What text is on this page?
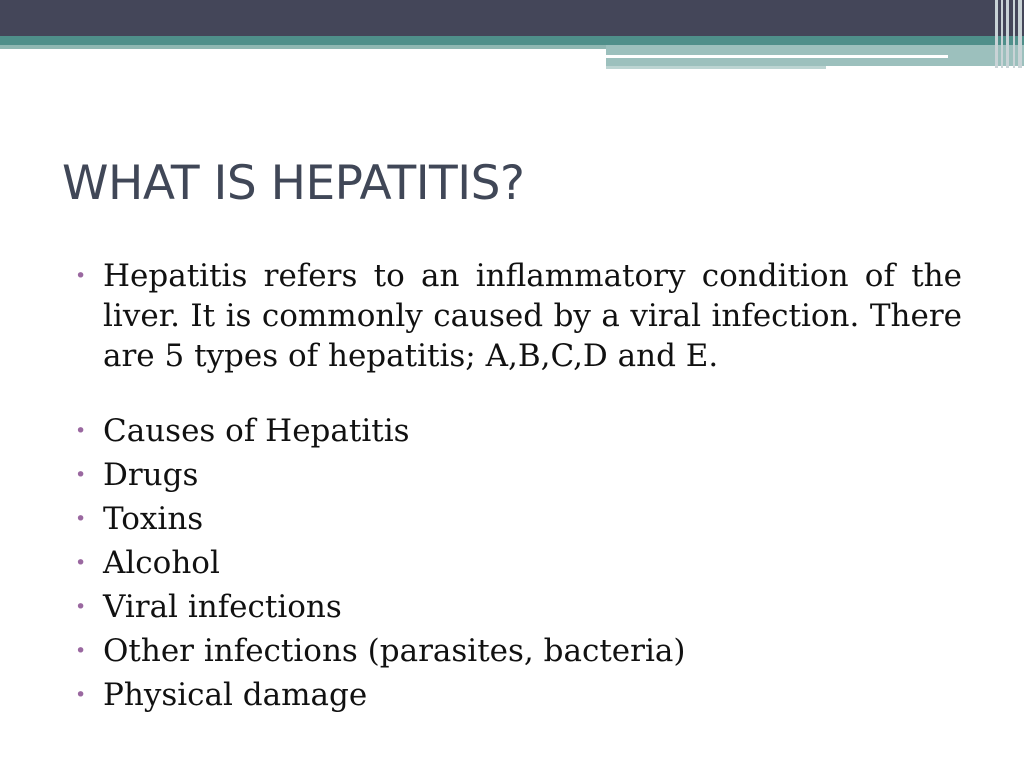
WHAT IS HEPATITIS?
• Hepatitis refers to an inflammatory condition of the liver. It is commonly caused by a viral infection. There are 5 types of hepatitis; A,B,C,D and E.
• Causes of Hepatitis
• Drugs
• Toxins
• Alcohol
• Viral infections
• Other infections (parasites, bacteria)
• Physical damage
